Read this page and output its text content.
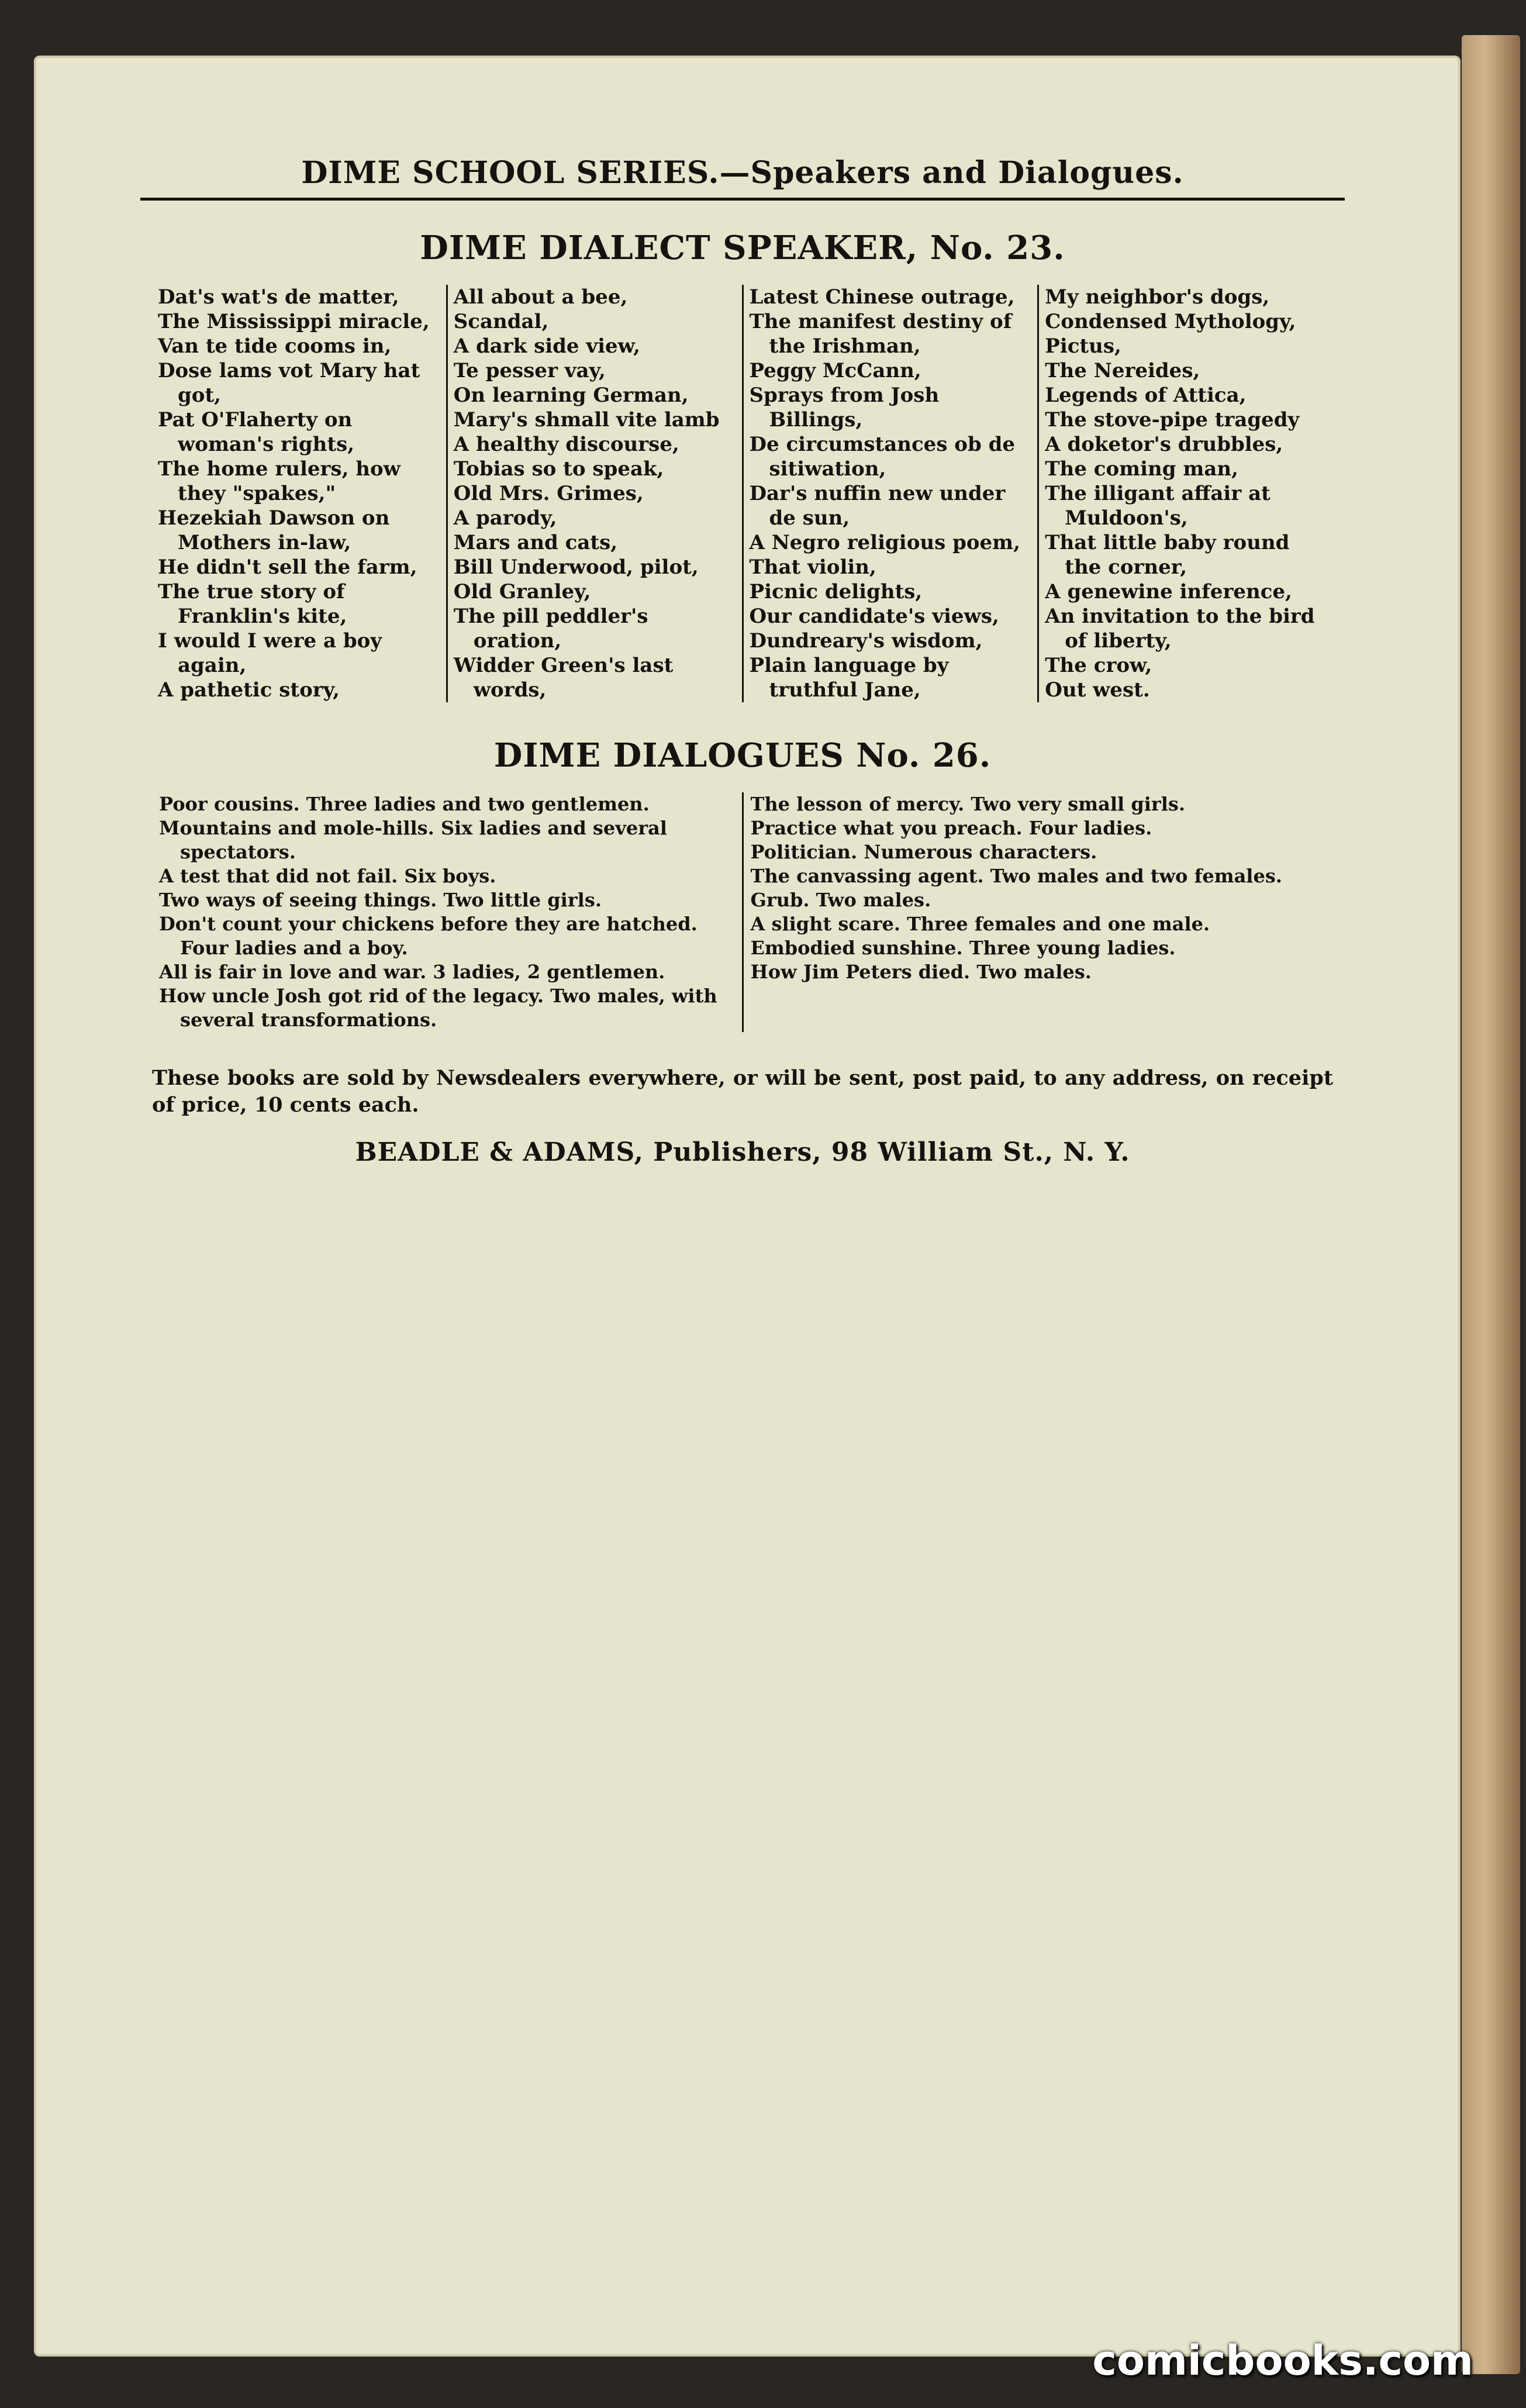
DIME SCHOOL SERIES.—Speakers and Dialogues.
DIME DIALECT SPEAKER, No. 23.
Dat's wat's de matter,
The Mississippi miracle,
Van te tide cooms in,
Dose lams vot Mary hat got,
Pat O'Flaherty on woman's rights,
The home rulers, how they "spakes,"
Hezekiah Dawson on Mothers in-law,
He didn't sell the farm,
The true story of Franklin's kite,
I would I were a boy again,
A pathetic story,
All about a bee,
Scandal,
A dark side view,
Te pesser vay,
On learning German,
Mary's shmall vite lamb
A healthy discourse,
Tobias so to speak,
Old Mrs. Grimes,
A parody,
Mars and cats,
Bill Underwood, pilot,
Old Granley,
The pill peddler's oration,
Widder Green's last words,
Latest Chinese outrage,
The manifest destiny of the Irishman,
Peggy McCann,
Sprays from Josh Billings,
De circumstances ob de sitiwation,
Dar's nuffin new under de sun,
A Negro religious poem,
That violin,
Picnic delights,
Our candidate's views,
Dundreary's wisdom,
Plain language by truthful Jane,
My neighbor's dogs,
Condensed Mythology,
Pictus,
The Nereides,
Legends of Attica,
The stove-pipe tragedy
A doketor's drubbles,
The coming man,
The illigant affair at Muldoon's,
That little baby round the corner,
A genewine inference,
An invitation to the bird of liberty,
The crow,
Out west.
DIME DIALOGUES No. 26.
Poor cousins. Three ladies and two gentlemen.
Mountains and mole-hills. Six ladies and several spectators.
A test that did not fail. Six boys.
Two ways of seeing things. Two little girls.
Don't count your chickens before they are hatched. Four ladies and a boy.
All is fair in love and war. 3 ladies, 2 gentlemen.
How uncle Josh got rid of the legacy. Two males, with several transformations.
The lesson of mercy. Two very small girls.
Practice what you preach. Four ladies.
Politician. Numerous characters.
The canvassing agent. Two males and two females.
Grub. Two males.
A slight scare. Three females and one male.
Embodied sunshine. Three young ladies.
How Jim Peters died. Two males.
These books are sold by Newsdealers everywhere, or will be sent, post paid, to any address, on receipt of price, 10 cents each.
BEADLE & ADAMS, Publishers, 98 William St., N. Y.
comicbooks.com
